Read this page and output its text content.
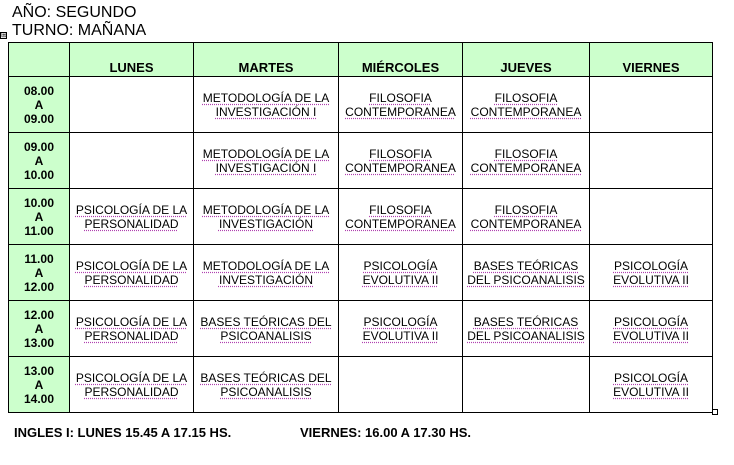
AÑO: SEGUNDO
TURNO: MAÑANA
⊞
	LUNES	MARTES	MIÉRCOLES	JUEVES	VIERNES

08.00
A
09.00		METODOLOGÍA DE LA INVESTIGACIÓN I	FILOSOFIA CONTEMPORANEA	FILOSOFIA CONTEMPORANEA	

09.00
A
10.00		METODOLOGÍA DE LA INVESTIGACIÓN I	FILOSOFIA CONTEMPORANEA	FILOSOFIA CONTEMPORANEA	

10.00
A
11.00	PSICOLOGÍA DE LA PERSONALIDAD	METODOLOGÍA DE LA INVESTIGACIÓN	FILOSOFIA CONTEMPORANEA	FILOSOFIA CONTEMPORANEA	

11.00
A
12.00	PSICOLOGÍA DE LA PERSONALIDAD	METODOLOGÍA DE LA INVESTIGACIÓN	PSICOLOGÍA EVOLUTIVA II	BASES TEÓRICAS DEL PSICOANALISIS	PSICOLOGÍA EVOLUTIVA II

12.00
A
13.00	PSICOLOGÍA DE LA PERSONALIDAD	BASES TEÓRICAS DEL PSICOANALISIS	PSICOLOGÍA EVOLUTIVA II	BASES TEÓRICAS DEL PSICOANALISIS	PSICOLOGÍA EVOLUTIVA II

13.00
A
14.00	PSICOLOGÍA DE LA PERSONALIDAD	BASES TEÓRICAS DEL PSICOANALISIS			PSICOLOGÍA EVOLUTIVA II
INGLES I: LUNES 15.45 A 17.15 HS.	VIERNES: 16.00 A 17.30 HS.
